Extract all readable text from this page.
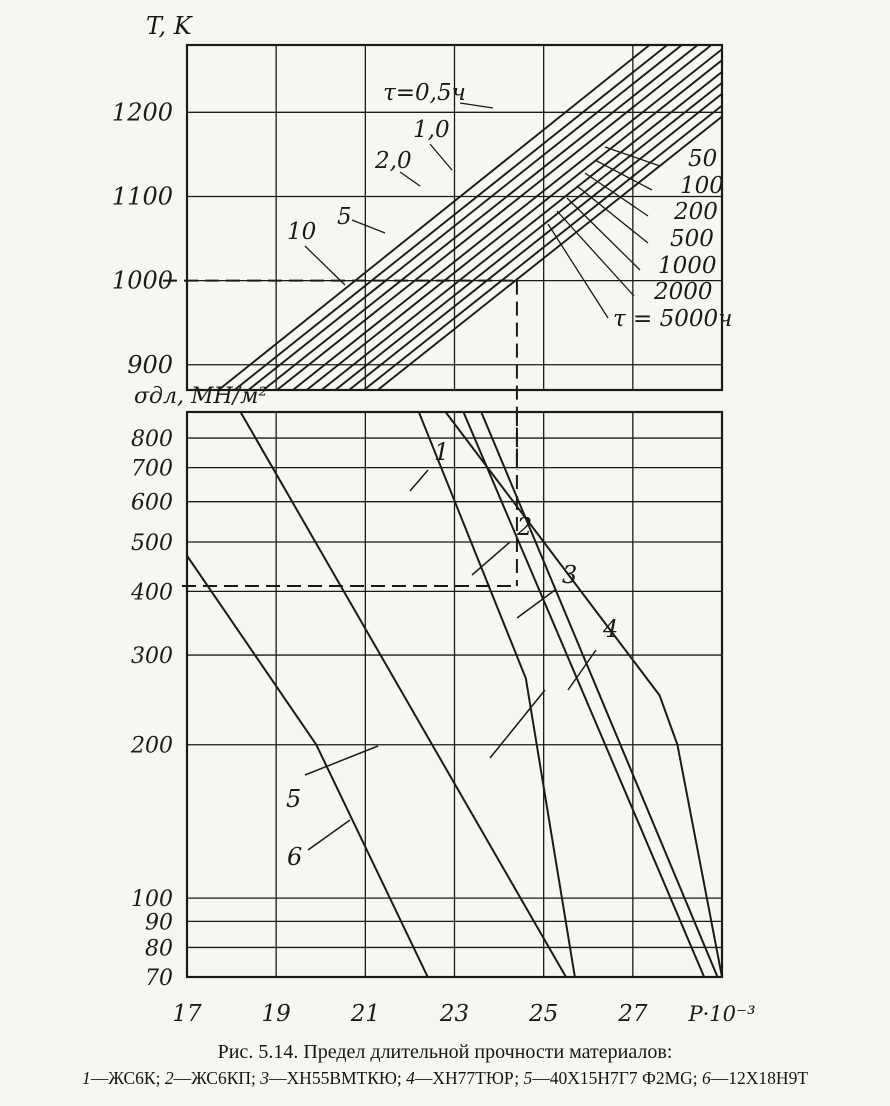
900
1000
1100
1200
T, K
τ=0,5ч
1,0
2,0
5
10
50
100
200
500
1000
2000
τ = 5000ч
70
80
90
100
200
300
400
500
600
700
800
17	19	21	23	25	27 P·10⁻³
σдл, МН/м²
1
2
3
4
5
6
Рис. 5.14. Предел длительной прочности материалов:
1—ЖС6К; 2—ЖС6КП; 3—ХН55ВМТКЮ; 4—ХН77ТЮР; 5—40Х15Н7Г7 Ф2МG; 6—12Х18Н9Т
